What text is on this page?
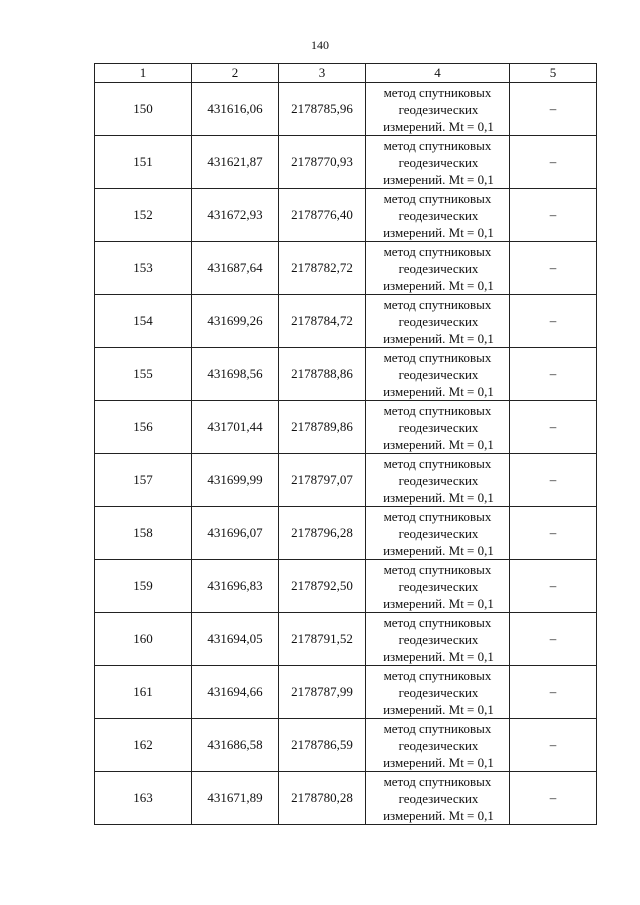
140
1	2	3	4	5
150	431616,06	2178785,96	метод спутниковых
геодезических
измерений. Mt = 0,1	–
151	431621,87	2178770,93	метод спутниковых
геодезических
измерений. Mt = 0,1	–
152	431672,93	2178776,40	метод спутниковых
геодезических
измерений. Mt = 0,1	–
153	431687,64	2178782,72	метод спутниковых
геодезических
измерений. Mt = 0,1	–
154	431699,26	2178784,72	метод спутниковых
геодезических
измерений. Mt = 0,1	–
155	431698,56	2178788,86	метод спутниковых
геодезических
измерений. Mt = 0,1	–
156	431701,44	2178789,86	метод спутниковых
геодезических
измерений. Mt = 0,1	–
157	431699,99	2178797,07	метод спутниковых
геодезических
измерений. Mt = 0,1	–
158	431696,07	2178796,28	метод спутниковых
геодезических
измерений. Mt = 0,1	–
159	431696,83	2178792,50	метод спутниковых
геодезических
измерений. Mt = 0,1	–
160	431694,05	2178791,52	метод спутниковых
геодезических
измерений. Mt = 0,1	–
161	431694,66	2178787,99	метод спутниковых
геодезических
измерений. Mt = 0,1	–
162	431686,58	2178786,59	метод спутниковых
геодезических
измерений. Mt = 0,1	–
163	431671,89	2178780,28	метод спутниковых
геодезических
измерений. Mt = 0,1	–
